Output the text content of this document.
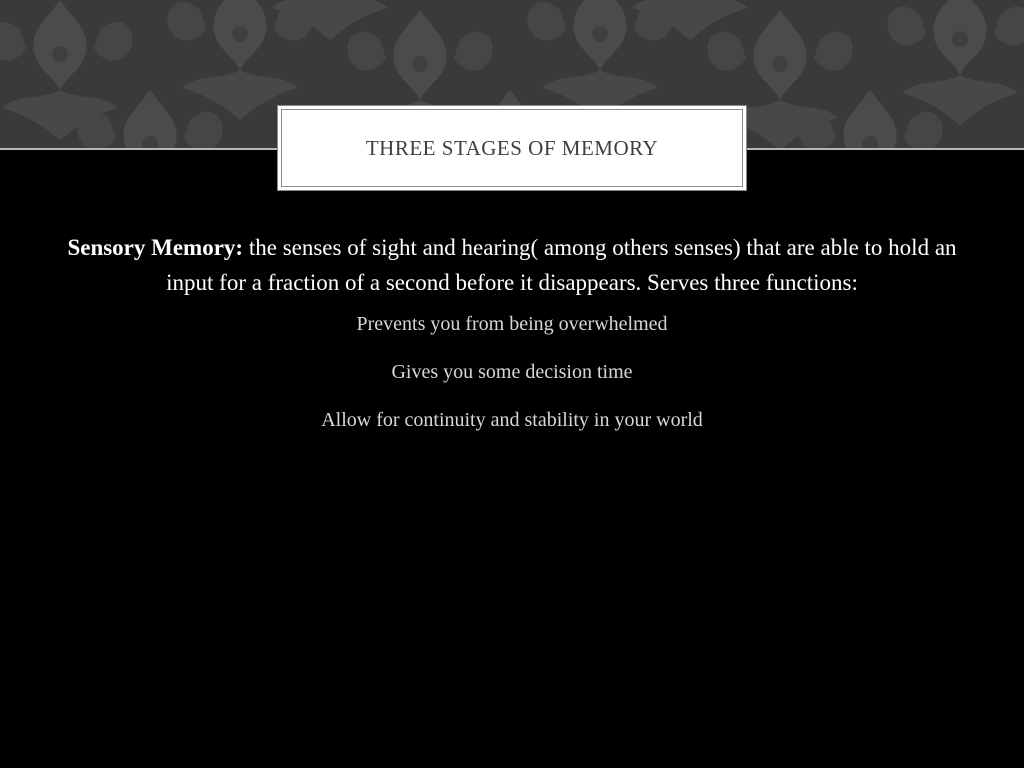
THREE STAGES OF MEMORY

Sensory Memory: the senses of sight and hearing( among others senses) that are able to hold an input for a fraction of a second before it disappears. Serves three functions:

Prevents you from being overwhelmed
Gives you some decision time
Allow for continuity and stability in your world
